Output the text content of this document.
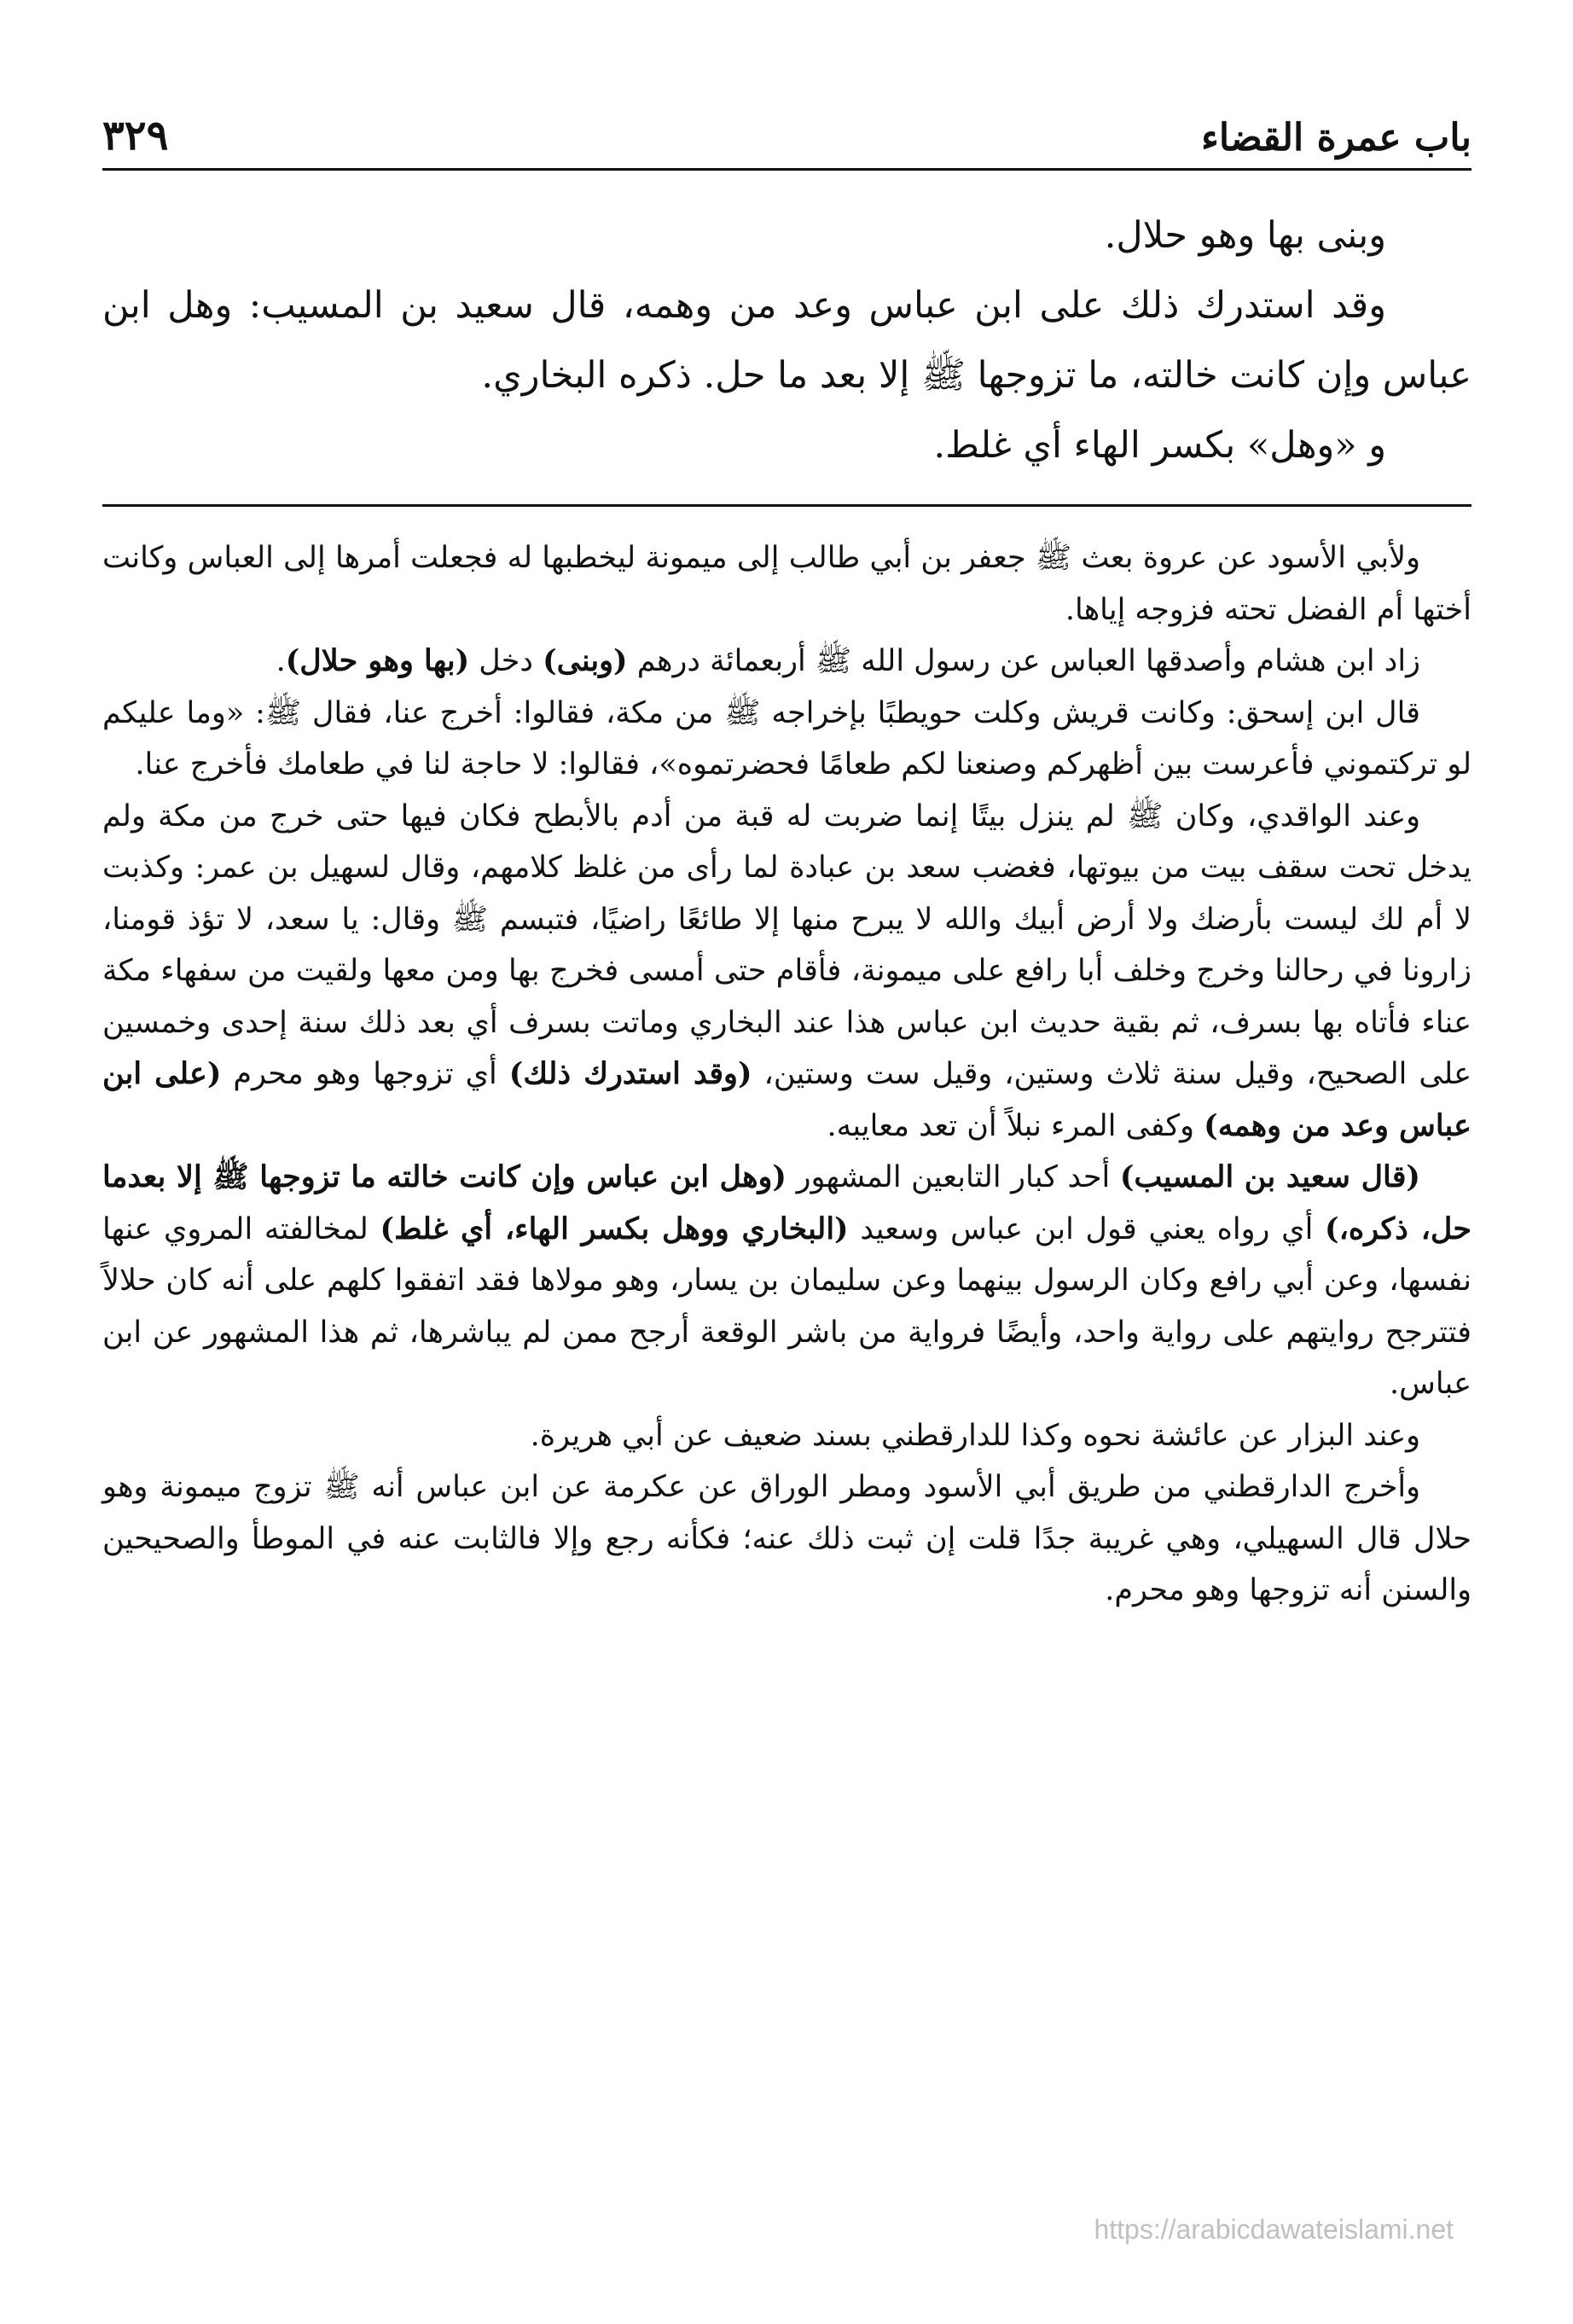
باب عمرة القضاء
٣٢٩

وبنى بها وهو حلال.

وقد استدرك ذلك على ابن عباس وعد من وهمه، قال سعيد بن المسيب: وهل ابن عباس وإن كانت خالته، ما تزوجها ﷺ إلا بعد ما حل. ذكره البخاري.

و «وهل» بكسر الهاء أي غلط.

ولأبي الأسود عن عروة بعث ﷺ جعفر بن أبي طالب إلى ميمونة ليخطبها له فجعلت أمرها إلى العباس وكانت أختها أم الفضل تحته فزوجه إياها.

زاد ابن هشام وأصدقها العباس عن رسول الله ﷺ أربعمائة درهم (وبنى) دخل (بها وهو حلال).

قال ابن إسحق: وكانت قريش وكلت حويطبًا بإخراجه ﷺ من مكة، فقالوا: أخرج عنا، فقال ﷺ: «وما عليكم لو تركتموني فأعرست بين أظهركم وصنعنا لكم طعامًا فحضرتموه»، فقالوا: لا حاجة لنا في طعامك فأخرج عنا.

وعند الواقدي، وكان ﷺ لم ينزل بيتًا إنما ضربت له قبة من أدم بالأبطح فكان فيها حتى خرج من مكة ولم يدخل تحت سقف بيت من بيوتها، فغضب سعد بن عبادة لما رأى من غلظ كلامهم، وقال لسهيل بن عمر: وكذبت لا أم لك ليست بأرضك ولا أرض أبيك والله لا يبرح منها إلا طائعًا راضيًا، فتبسم ﷺ وقال: يا سعد، لا تؤذ قومنا، زارونا في رحالنا وخرج وخلف أبا رافع على ميمونة، فأقام حتى أمسى فخرج بها ومن معها ولقيت من سفهاء مكة عناء فأتاه بها بسرف، ثم بقية حديث ابن عباس هذا عند البخاري وماتت بسرف أي بعد ذلك سنة إحدى وخمسين على الصحيح، وقيل سنة ثلاث وستين، وقيل ست وستين، (وقد استدرك ذلك) أي تزوجها وهو محرم (على ابن عباس وعد من وهمه) وكفى المرء نبلاً أن تعد معايبه.

(قال سعيد بن المسيب) أحد كبار التابعين المشهور (وهل ابن عباس وإن كانت خالته ما تزوجها ﷺ إلا بعدما حل، ذكره،) أي رواه يعني قول ابن عباس وسعيد (البخاري ووهل بكسر الهاء، أي غلط) لمخالفته المروي عنها نفسها، وعن أبي رافع وكان الرسول بينهما وعن سليمان بن يسار، وهو مولاها فقد اتفقوا كلهم على أنه كان حلالاً فتترجح روايتهم على رواية واحد، وأيضًا فرواية من باشر الوقعة أرجح ممن لم يباشرها، ثم هذا المشهور عن ابن عباس.

وعند البزار عن عائشة نحوه وكذا للدارقطني بسند ضعيف عن أبي هريرة.

وأخرج الدارقطني من طريق أبي الأسود ومطر الوراق عن عكرمة عن ابن عباس أنه ﷺ تزوج ميمونة وهو حلال قال السهيلي، وهي غريبة جدًا قلت إن ثبت ذلك عنه؛ فكأنه رجع وإلا فالثابت عنه في الموطأ والصحيحين والسنن أنه تزوجها وهو محرم.

https://arabicdawateislami.net
